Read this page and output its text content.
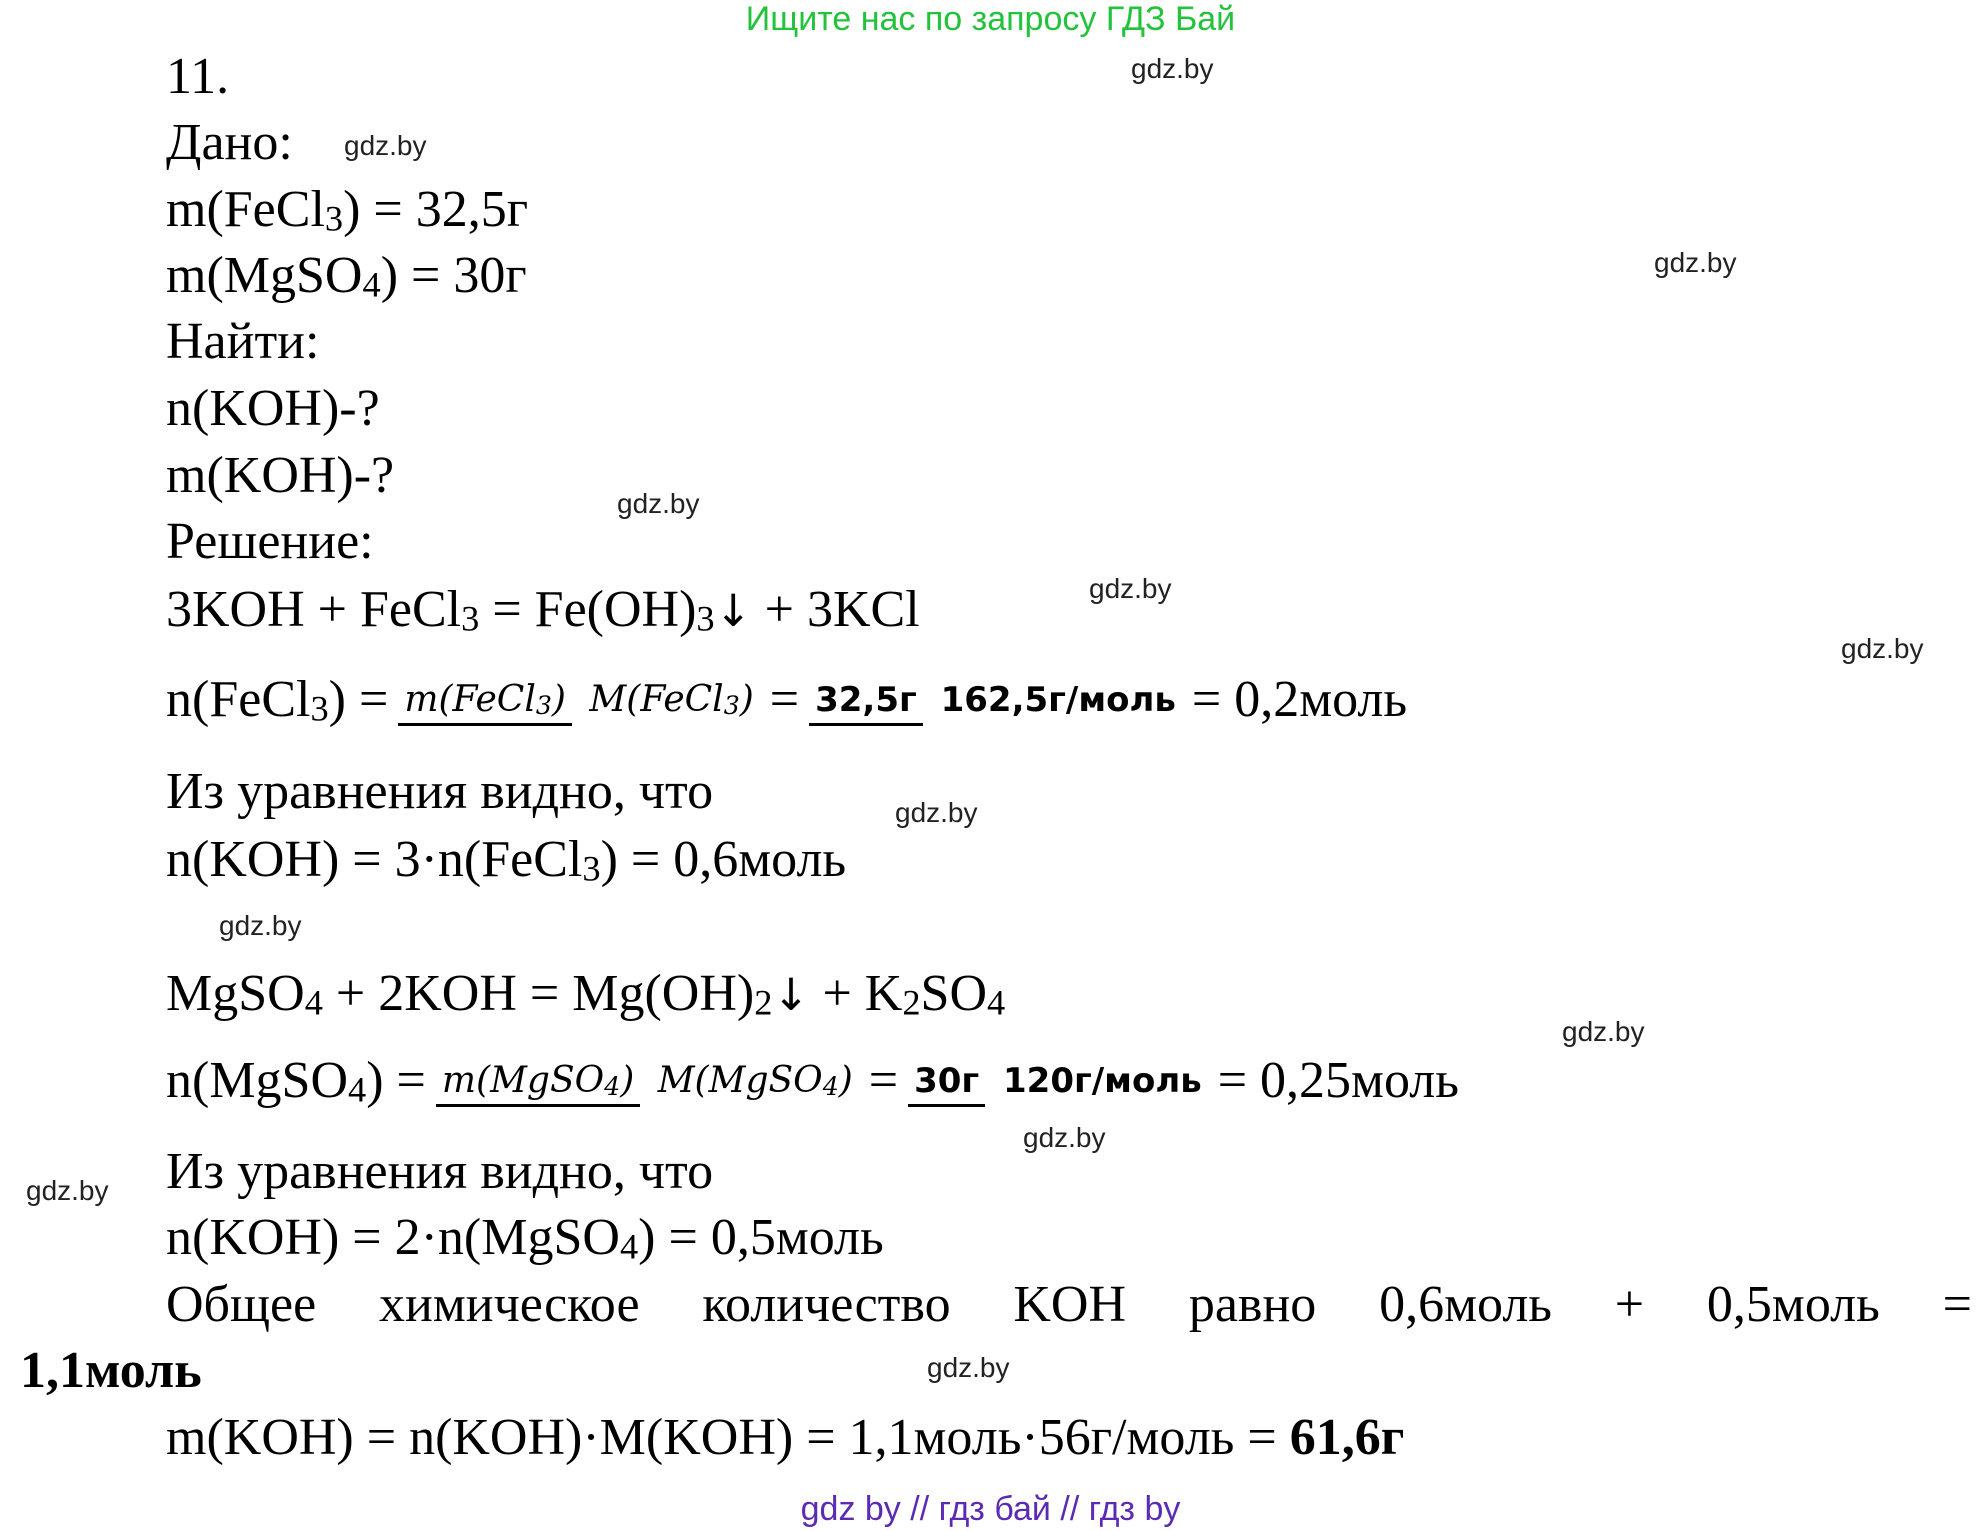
Ищите нас по запросу ГДЗ Бай
gdz.by
gdz.by
gdz.by
gdz.by
gdz.by
gdz.by
gdz.by
gdz.by
gdz.by
gdz.by
gdz.by
gdz.by
11.
Дано:
m(FeCl$_3$) = 32,5г
m(MgSO$_4$) = 30г
Найти:
n(KOH)-?
m(KOH)-?
Решение:
3KOH + FeCl$_3$ = $Fe(OH)_3↓ + 3KCl$
n(FeCl$_3$) = m(FeCl$_3$) M(FeCl$_3$) = 32,5г 162,5г/моль = 0,2моль
Из уравнения видно, что
n(KOH) = 3·n(FeCl$_3$) = 0,6моль
MgSO$_4$ + $2KOH = Mg(OH)_2↓ + K_2SO_4$
n(MgSO$_4$) = m(MgSO$_4$) M(MgSO$_4$) = 30г 120г/моль = 0,25моль
Из уравнения видно, что
n(KOH) = 2·n(MgSO$_4$) = 0,5моль
Общее химическое количество KOH равно 0,6моль + 0,5моль =
1,1моль
m(KOH) = n(KOH)·M(KOH) = 1,1моль·56г/моль = 61,6г
gdz by // гдз бай // гдз by
